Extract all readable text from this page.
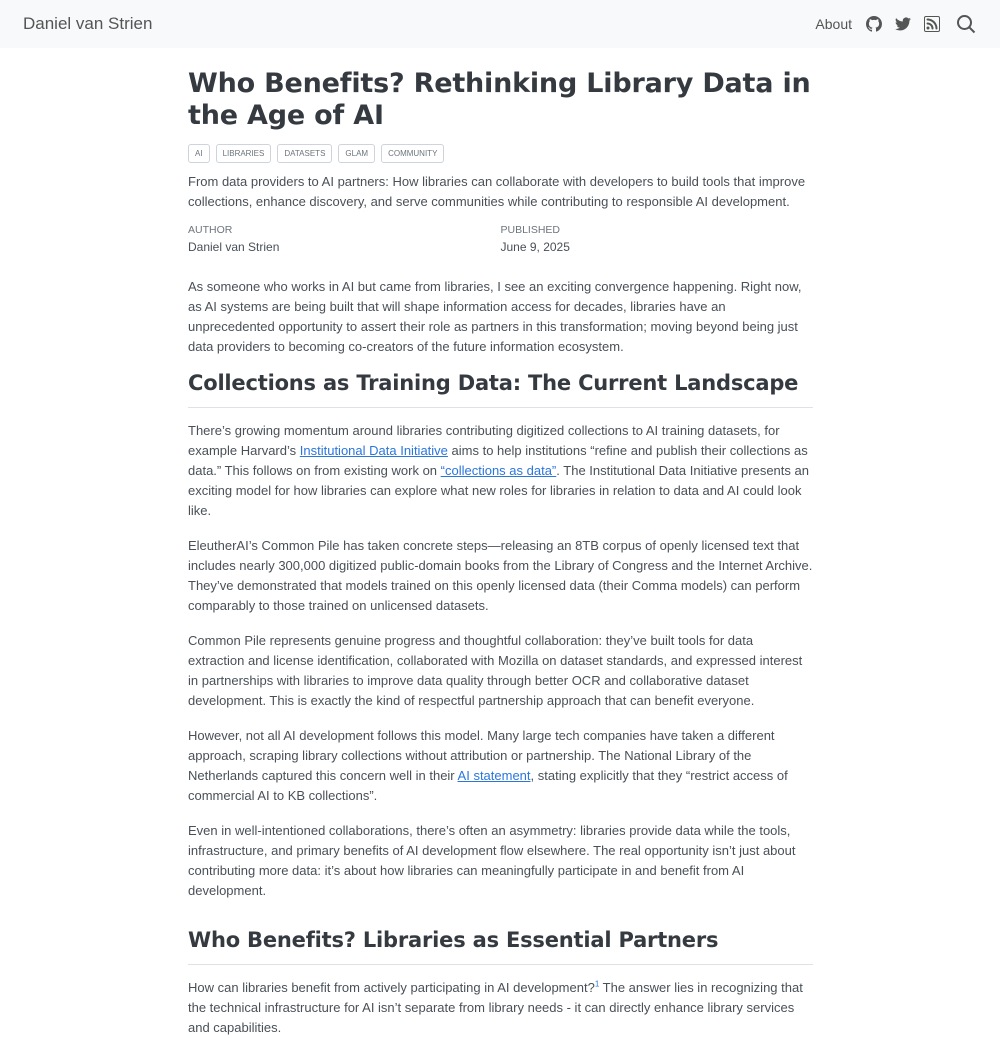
Daniel van Strien	About
Who Benefits? Rethinking Library Data in the Age of AI
AI	LIBRARIES	DATASETS	GLAM	COMMUNITY

From data providers to AI partners: How libraries can collaborate with developers to build tools that improve collections, enhance discovery, and serve communities while contributing to responsible AI development.

AUTHOR
Daniel van Strien
PUBLISHED
June 9, 2025

As someone who works in AI but came from libraries, I see an exciting convergence happening. Right now, as AI systems are being built that will shape information access for decades, libraries have an unprecedented opportunity to assert their role as partners in this transformation; moving beyond being just data providers to becoming co-creators of the future information ecosystem.

Collections as Training Data: The Current Landscape

There’s growing momentum around libraries contributing digitized collections to AI training datasets, for example Harvard’s Institutional Data Initiative aims to help institutions “refine and publish their collections as data.” This follows on from existing work on “collections as data”. The Institutional Data Initiative presents an exciting model for how libraries can explore what new roles for libraries in relation to data and AI could look like.

EleutherAI’s Common Pile has taken concrete steps—releasing an 8TB corpus of openly licensed text that includes nearly 300,000 digitized public-domain books from the Library of Congress and the Internet Archive. They’ve demonstrated that models trained on this openly licensed data (their Comma models) can perform comparably to those trained on unlicensed datasets.

Common Pile represents genuine progress and thoughtful collaboration: they’ve built tools for data extraction and license identification, collaborated with Mozilla on dataset standards, and expressed interest in partnerships with libraries to improve data quality through better OCR and collaborative dataset development. This is exactly the kind of respectful partnership approach that can benefit everyone.

However, not all AI development follows this model. Many large tech companies have taken a different approach, scraping library collections without attribution or partnership. The National Library of the Netherlands captured this concern well in their AI statement, stating explicitly that they “restrict access of commercial AI to KB collections”.

Even in well-intentioned collaborations, there’s often an asymmetry: libraries provide data while the tools, infrastructure, and primary benefits of AI development flow elsewhere. The real opportunity isn’t just about contributing more data: it’s about how libraries can meaningfully participate in and benefit from AI development.

Who Benefits? Libraries as Essential Partners

How can libraries benefit from actively participating in AI development?$^1$ The answer lies in recognizing that the technical infrastructure for AI isn’t separate from library needs - it can directly enhance library services and capabilities.
